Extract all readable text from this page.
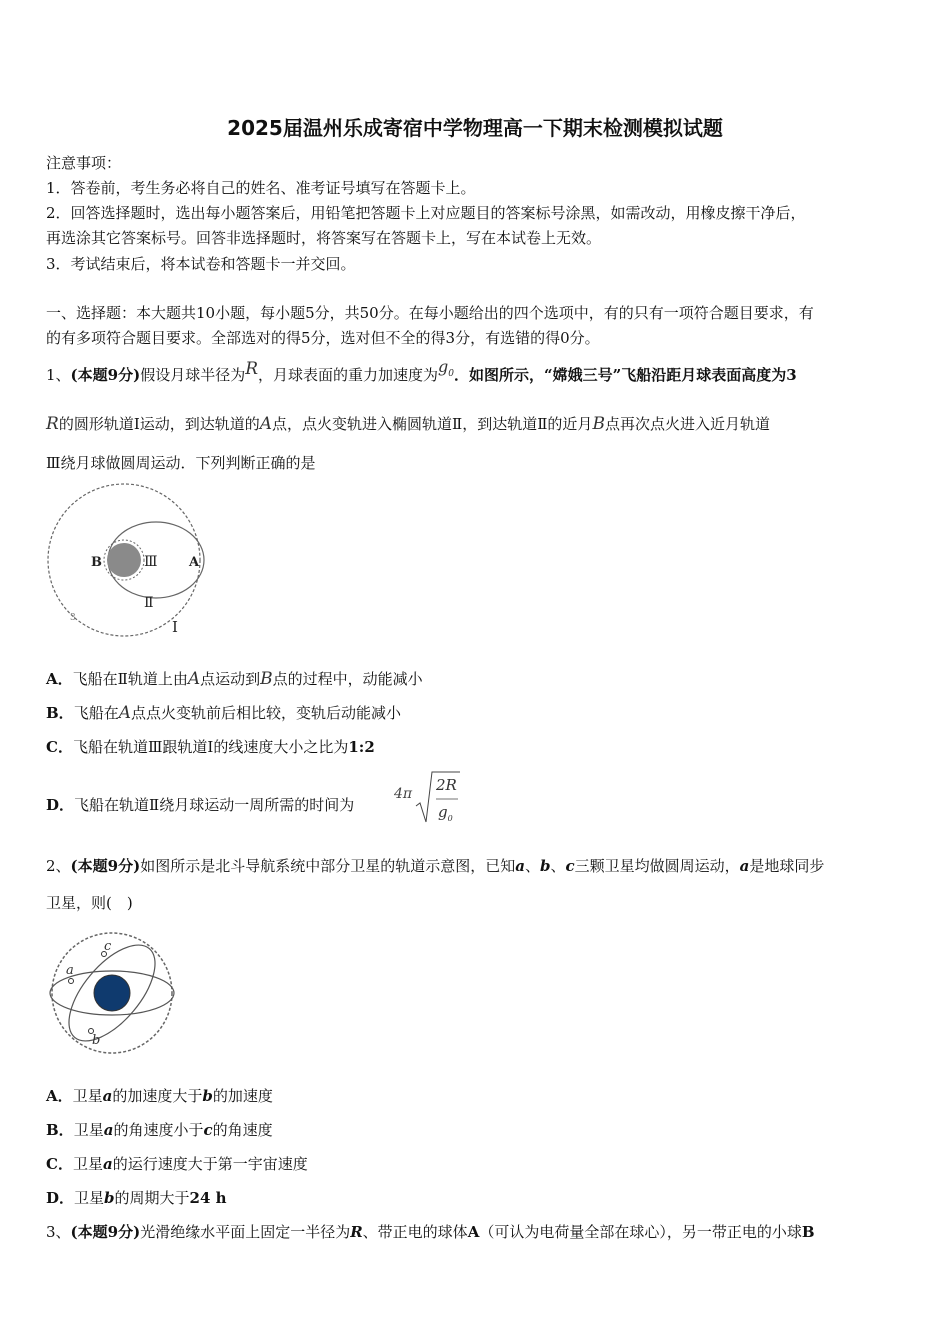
2025届温州乐成寄宿中学物理高一下期末检测模拟试题
注意事项：
1．答卷前，考生务必将自己的姓名、准考证号填写在答题卡上。
2．回答选择题时，选出每小题答案后，用铅笔把答题卡上对应题目的答案标号涂黑，如需改动，用橡皮擦干净后，
再选涂其它答案标号。回答非选择题时，将答案写在答题卡上，写在本试卷上无效。
3．考试结束后，将本试卷和答题卡一并交回。
一、选择题：本大题共10小题，每小题5分，共50分。在每小题给出的四个选项中，有的只有一项符合题目要求，有
的有多项符合题目要求。全部选对的得5分，选对但不全的得3分，有选错的得0分。
1、(本题9分)假设月球半径为R，月球表面的重力加速度为$g_0$．如图所示，“嫦娥三号”飞船沿距月球表面高度为3
R的圆形轨道Ⅰ运动，到达轨道的A点，点火变轨进入椭圆轨道Ⅱ，到达轨道Ⅱ的近月B点再次点火进入近月轨道
Ⅲ绕月球做圆周运动．下列判断正确的是
B	Ⅲ A
Ⅱ
Ⅰ
3
A．飞船在Ⅱ轨道上由A点运动到B点的过程中，动能减小
B．飞船在A点点火变轨前后相比较，变轨后动能减小
C．飞船在轨道Ⅲ跟轨道Ⅰ的线速度大小之比为1:2
D．飞船在轨道Ⅱ绕月球运动一周所需的时间为
4π 2R
$g_0$
2、(本题9分)如图所示是北斗导航系统中部分卫星的轨道示意图，已知a、b、c三颗卫星均做圆周运动，a是地球同步
卫星，则(　)
a
b
c
A．卫星a的加速度大于b的加速度
B．卫星a的角速度小于c的角速度
C．卫星a的运行速度大于第一宇宙速度
D．卫星b的周期大于24 h
3、(本题9分)光滑绝缘水平面上固定一半径为R、带正电的球体A（可认为电荷量全部在球心），另一带正电的小球B
